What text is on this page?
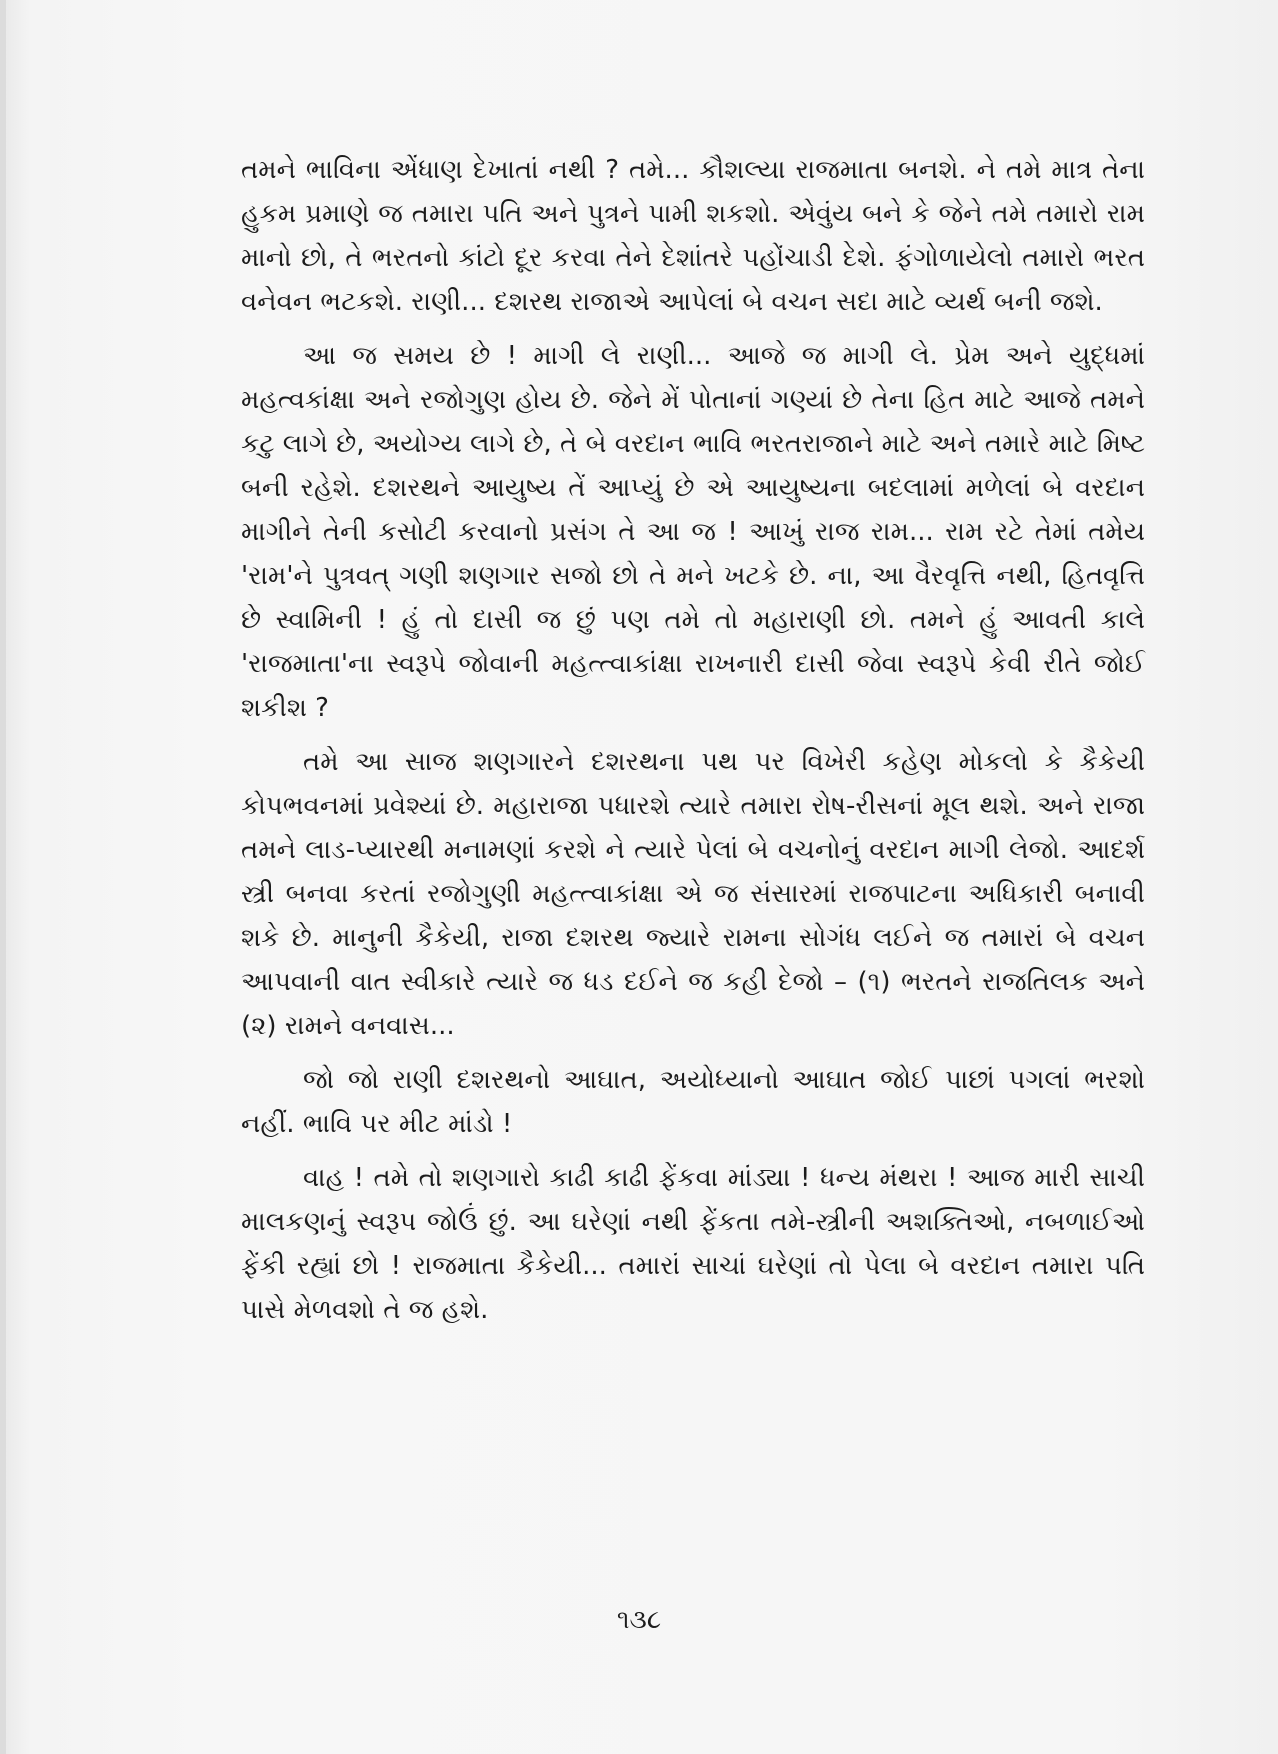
તમને ભાવિના એંધાણ દેખાતાં નથી ? તમે... કૌશલ્યા રાજમાતા બનશે. ને તમે માત્ર તેના હુકમ પ્રમાણે જ તમારા પતિ અને પુત્રને પામી શકશો. એવુંય બને કે જેને તમે તમારો રામ માનો છો, તે ભરતનો કાંટો દૂર કરવા તેને દેશાંતરે પહોંચાડી દેશે. ફંગોળાયેલો તમારો ભરત વનેવન ભટકશે. રાણી... દશરથ રાજાએ આપેલાં બે વચન સદા માટે વ્યર્થ બની જશે.

આ જ સમય છે ! માગી લે રાણી... આજે જ માગી લે. પ્રેમ અને યુદ્ધમાં મહત્વકાંક્ષા અને રજોગુણ હોય છે. જેને મેં પોતાનાં ગણ્યાં છે તેના હિત માટે આજે તમને કટુ લાગે છે, અયોગ્ય લાગે છે, તે બે વરદાન ભાવિ ભરતરાજાને માટે અને તમારે માટે મિષ્ટ બની રહેશે. દશરથને આયુષ્ય તેં આપ્યું છે એ આયુષ્યના બદલામાં મળેલાં બે વરદાન માગીને તેની કસોટી કરવાનો પ્રસંગ તે આ જ ! આખું રાજ રામ... રામ રટે તેમાં તમેય 'રામ'ને પુત્રવત્ ગણી શણગાર સજો છો તે મને ખટકે છે. ના, આ વૈરવૃત્તિ નથી, હિતવૃત્તિ છે સ્વામિની ! હું તો દાસી જ છું પણ તમે તો મહારાણી છો. તમને હું આવતી કાલે 'રાજમાતા'ના સ્વરૂપે જોવાની મહત્ત્વાકાંક્ષા રાખનારી દાસી જેવા સ્વરૂપે કેવી રીતે જોઈ શકીશ ?

તમે આ સાજ શણગારને દશરથના પથ પર વિખેરી કહેણ મોકલો કે કૈકેયી કોપભવનમાં પ્રવેશ્યાં છે. મહારાજા પધારશે ત્યારે તમારા રોષ-રીસનાં મૂલ થશે. અને રાજા તમને લાડ-પ્યારથી મનામણાં કરશે ને ત્યારે પેલાં બે વચનોનું વરદાન માગી લેજો. આદર્શ સ્ત્રી બનવા કરતાં રજોગુણી મહત્ત્વાકાંક્ષા એ જ સંસારમાં રાજપાટના અધિકારી બનાવી શકે છે. માનુની કૈકેયી, રાજા દશરથ જ્યારે રામના સોગંધ લઈને જ તમારાં બે વચન આપવાની વાત સ્વીકારે ત્યારે જ ધડ દઈને જ કહી દેજો – (૧) ભરતને રાજતિલક અને (૨) રામને વનવાસ...

જો જો રાણી દશરથનો આઘાત, અયોધ્યાનો આઘાત જોઈ પાછાં પગલાં ભરશો નહીં. ભાવિ પર મીટ માંડો !

વાહ ! તમે તો શણગારો કાઢી કાઢી ફેંકવા માંડ્યા ! ધન્ય મંથરા ! આજ મારી સાચી માલકણનું સ્વરૂપ જોઉં છું. આ ઘરેણાં નથી ફેંકતા તમે-સ્ત્રીની અશક્તિઓ, નબળાઈઓ ફેંકી રહ્યાં છો ! રાજમાતા કૈકેયી... તમારાં સાચાં ઘરેણાં તો પેલા બે વરદાન તમારા પતિ પાસે મેળવશો તે જ હશે.

૧૩૮
